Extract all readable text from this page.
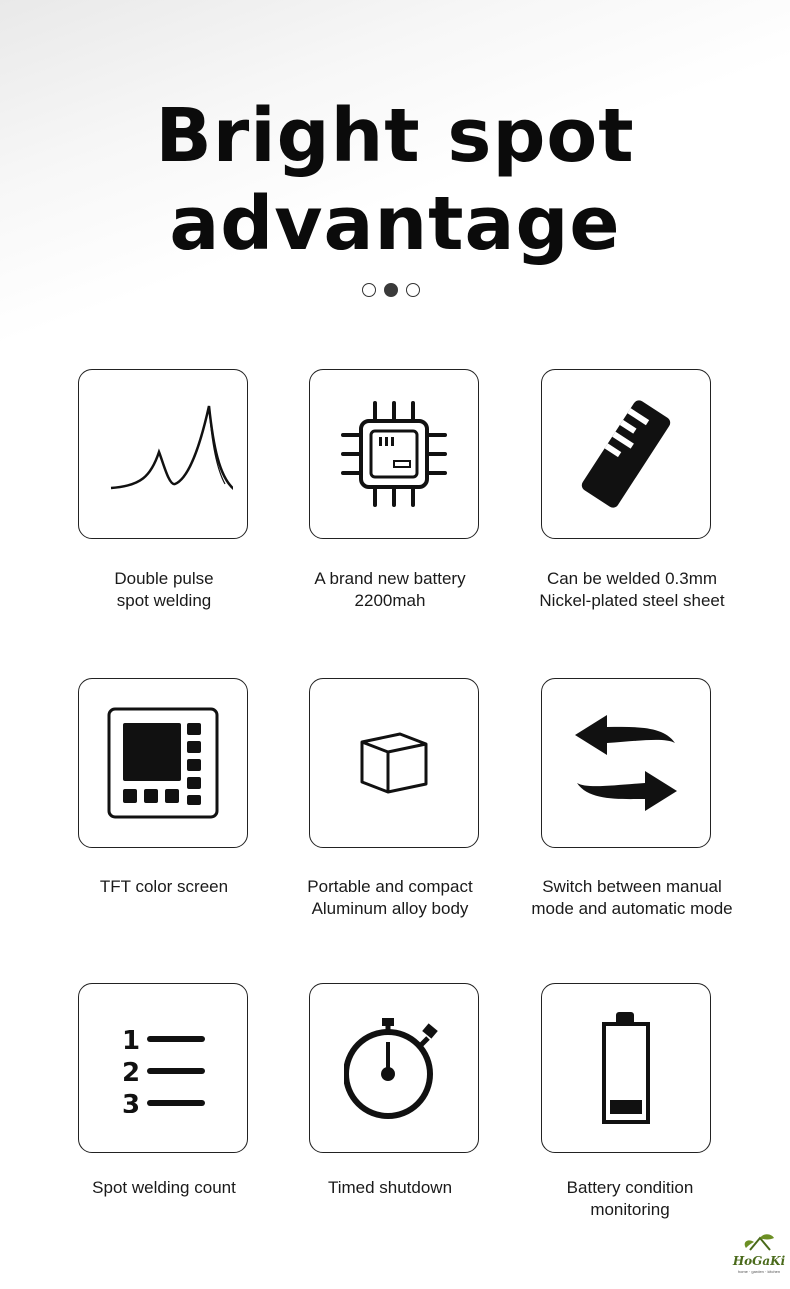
Bright spot
advantage
Double pulse
spot welding
A brand new battery
2200mah
Can be welded 0.3mm
Nickel-plated steel sheet
TFT color screen	Portable and compact
Aluminum alloy body
Switch between manual
mode and automatic mode
1
2
3
Spot welding count	Timed shutdown	Battery condition
monitoring
HoGaKi
home · garden · kitchen
